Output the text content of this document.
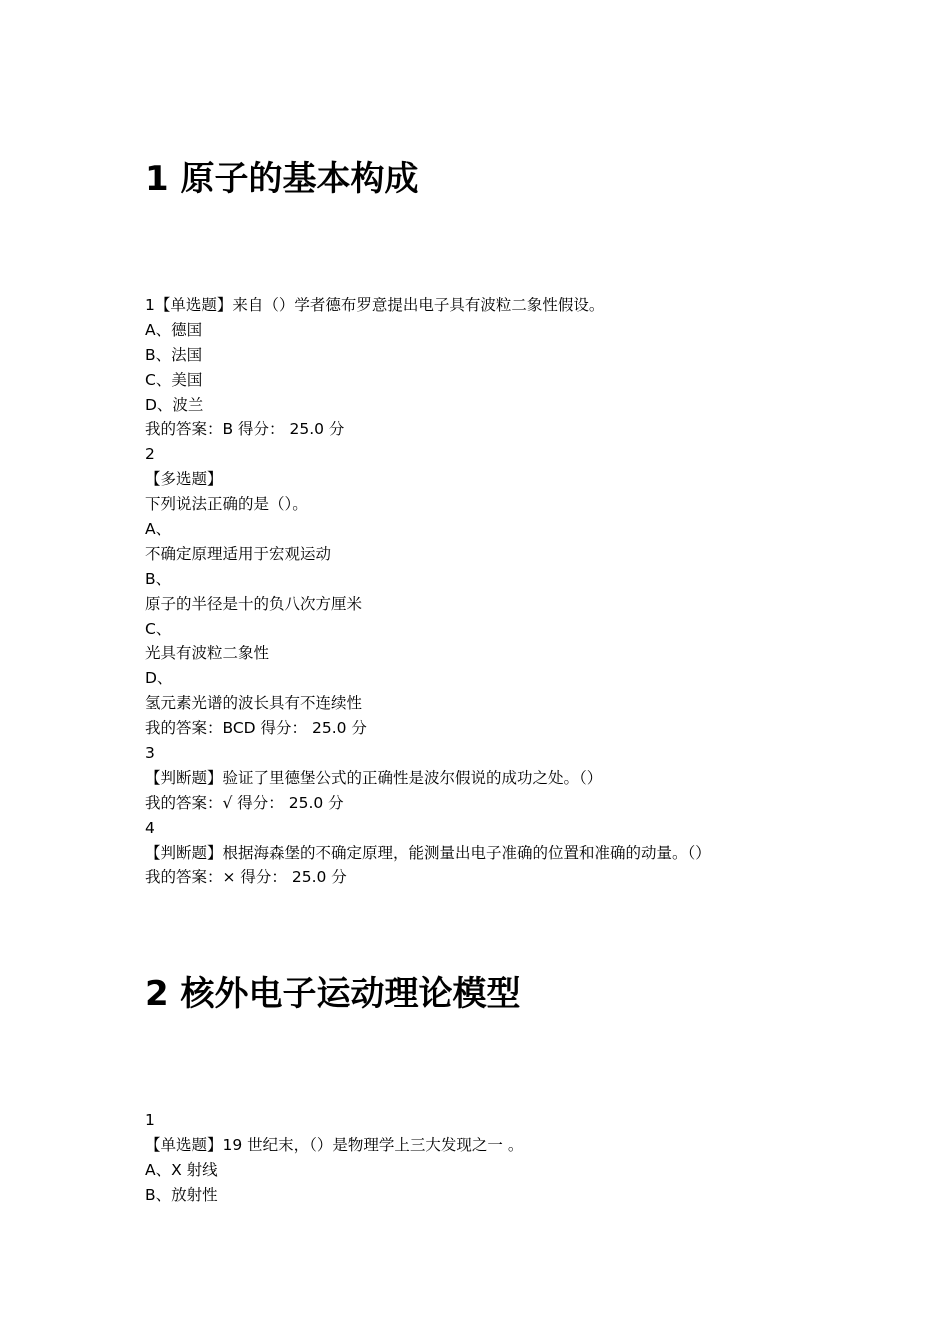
1 原子的基本构成
1【单选题】来自（）学者德布罗意提出电子具有波粒二象性假设。
A、德国
B、法国
C、美国
D、波兰
我的答案：B 得分： 25.0 分
2
【多选题】
下列说法正确的是（）。
A、
不确定原理适用于宏观运动
B、
原子的半径是十的负八次方厘米
C、
光具有波粒二象性
D、
氢元素光谱的波长具有不连续性
我的答案：BCD 得分： 25.0 分
3
【判断题】验证了里德堡公式的正确性是波尔假说的成功之处。（）
我的答案：√ 得分： 25.0 分
4
【判断题】根据海森堡的不确定原理，能测量出电子准确的位置和准确的动量。（）
我的答案：× 得分： 25.0 分
2 核外电子运动理论模型
1
【单选题】19 世纪末，（）是物理学上三大发现之一 。
A、X 射线
B、放射性
